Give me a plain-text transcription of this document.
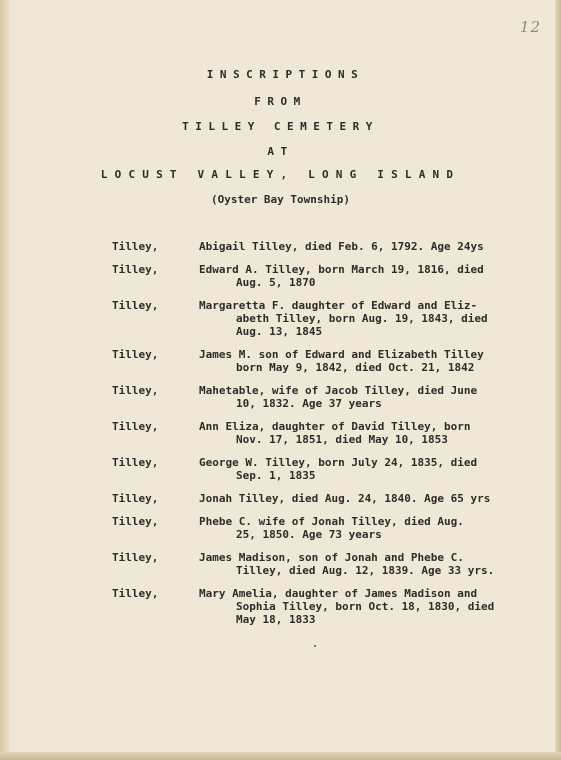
12
INSCRIPTIONS
FROM
TILLEY CEMETERY
AT
LOCUST VALLEY, LONG ISLAND
(Oyster Bay Township)
Tilley,	Abigail Tilley, died Feb. 6, 1792. Age 24ys
Tilley,	Edward A. Tilley, born March 19, 1816, died
Aug. 5, 1870
Tilley,	Margaretta F. daughter of Edward and Eliz-
abeth Tilley, born Aug. 19, 1843, died
Aug. 13, 1845
Tilley,	James M. son of Edward and Elizabeth Tilley
born May 9, 1842, died Oct. 21, 1842
Tilley,	Mahetable, wife of Jacob Tilley, died June
10, 1832. Age 37 years
Tilley,	Ann Eliza, daughter of David Tilley, born
Nov. 17, 1851, died May 10, 1853
Tilley,	George W. Tilley, born July 24, 1835, died
Sep. 1, 1835
Tilley,	Jonah Tilley, died Aug. 24, 1840. Age 65 yrs
Tilley,	Phebe C. wife of Jonah Tilley, died Aug.
25, 1850. Age 73 years
Tilley,	James Madison, son of Jonah and Phebe C.
Tilley, died Aug. 12, 1839. Age 33 yrs.
Tilley,	Mary Amelia, daughter of James Madison and
Sophia Tilley, born Oct. 18, 1830, died
May 18, 1833
